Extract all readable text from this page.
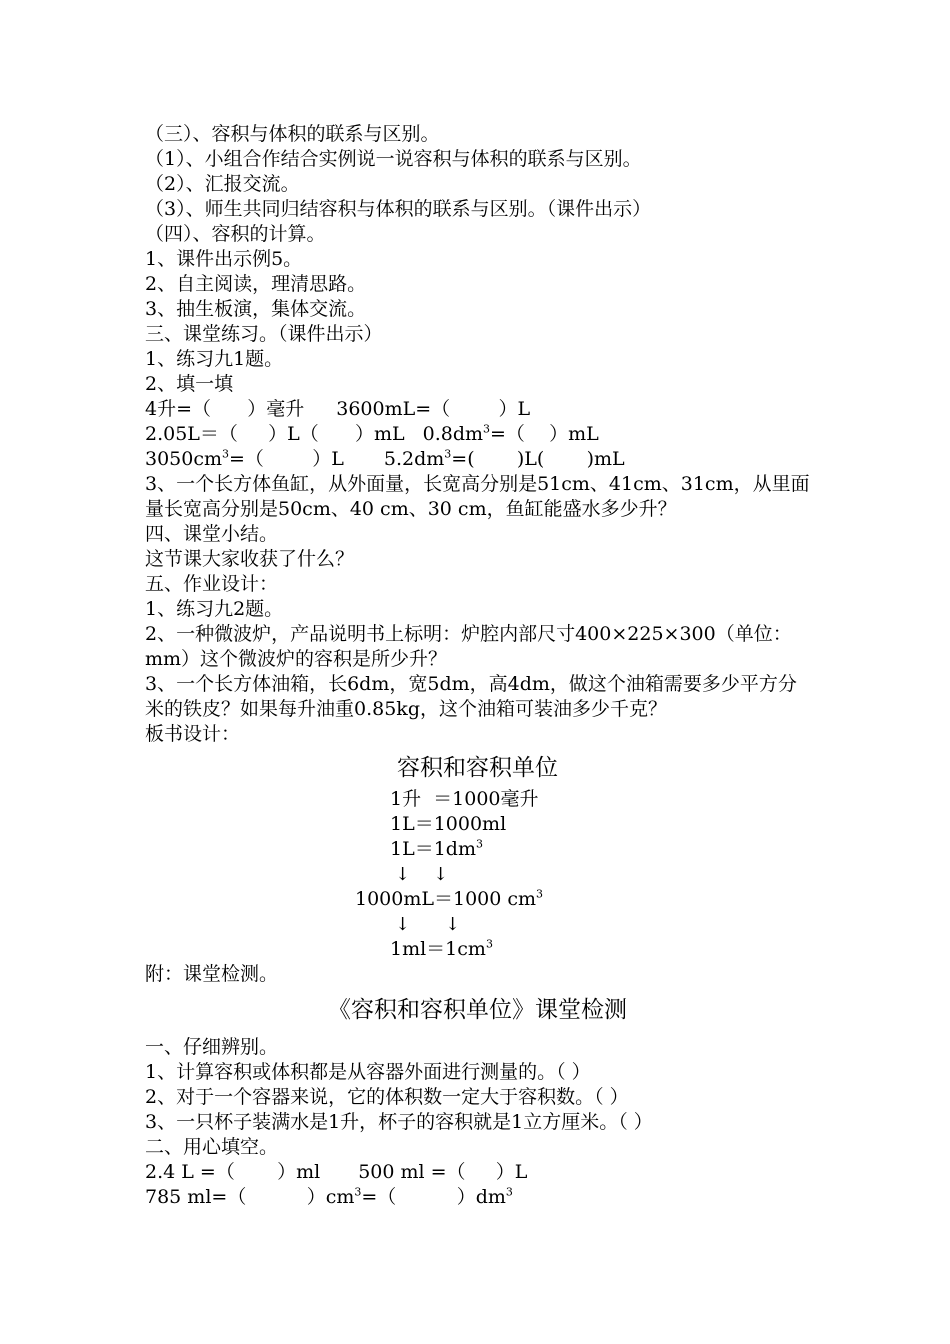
（三）、容积与体积的联系与区别。
（1）、小组合作结合实例说一说容积与体积的联系与区别。
（2）、汇报交流。
（3）、师生共同归结容积与体积的联系与区别。（课件出示）
（四）、容积的计算。
1、课件出示例5。
2、自主阅读，理清思路。
3、抽生板演，集体交流。
三、课堂练习。（课件出示）
1、练习九1题。
2、填一填
4升=（      ）毫升 3600mL=（        ）L
2.05L＝（     ）L（      ）mL $0.8dm^3=$（    ）mL
$3050cm^3=$（        ）L $5.2dm^3=$(       )L(       )mL
3、一个长方体鱼缸，从外面量，长宽高分别是51cm、41cm、31cm，从里面量长宽高分别是50cm、40 cm、30 cm，鱼缸能盛水多少升？
四、课堂小结。
这节课大家收获了什么？
五、作业设计：
1、练习九2题。
2、一种微波炉，产品说明书上标明：炉腔内部尺寸400×225×300（单位：mm）这个微波炉的容积是所少升？
3、一个长方体油箱，长6dm，宽5dm，高4dm，做这个油箱需要多少平方分米的铁皮？如果每升油重0.85kg，这个油箱可装油多少千克？
板书设计：
容积和容积单位
1升  ＝1000毫升
1L＝1000ml
$1L=1dm^3$
↓ ↓
1000mL＝1000 $cm^3$
↓ ↓
$1ml=1cm^3$
附：课堂检测。
《容积和容积单位》课堂检测
一、仔细辨别。
1、计算容积或体积都是从容器外面进行测量的。（ ）
2、对于一个容器来说，它的体积数一定大于容积数。（ ）
3、一只杯子装满水是1升，杯子的容积就是1立方厘米。（ ）
二、用心填空。
2.4 L =（       ）ml 500 ml =（     ）L
785 ml=（          ）$cm^3=$（          ）$dm^3$
